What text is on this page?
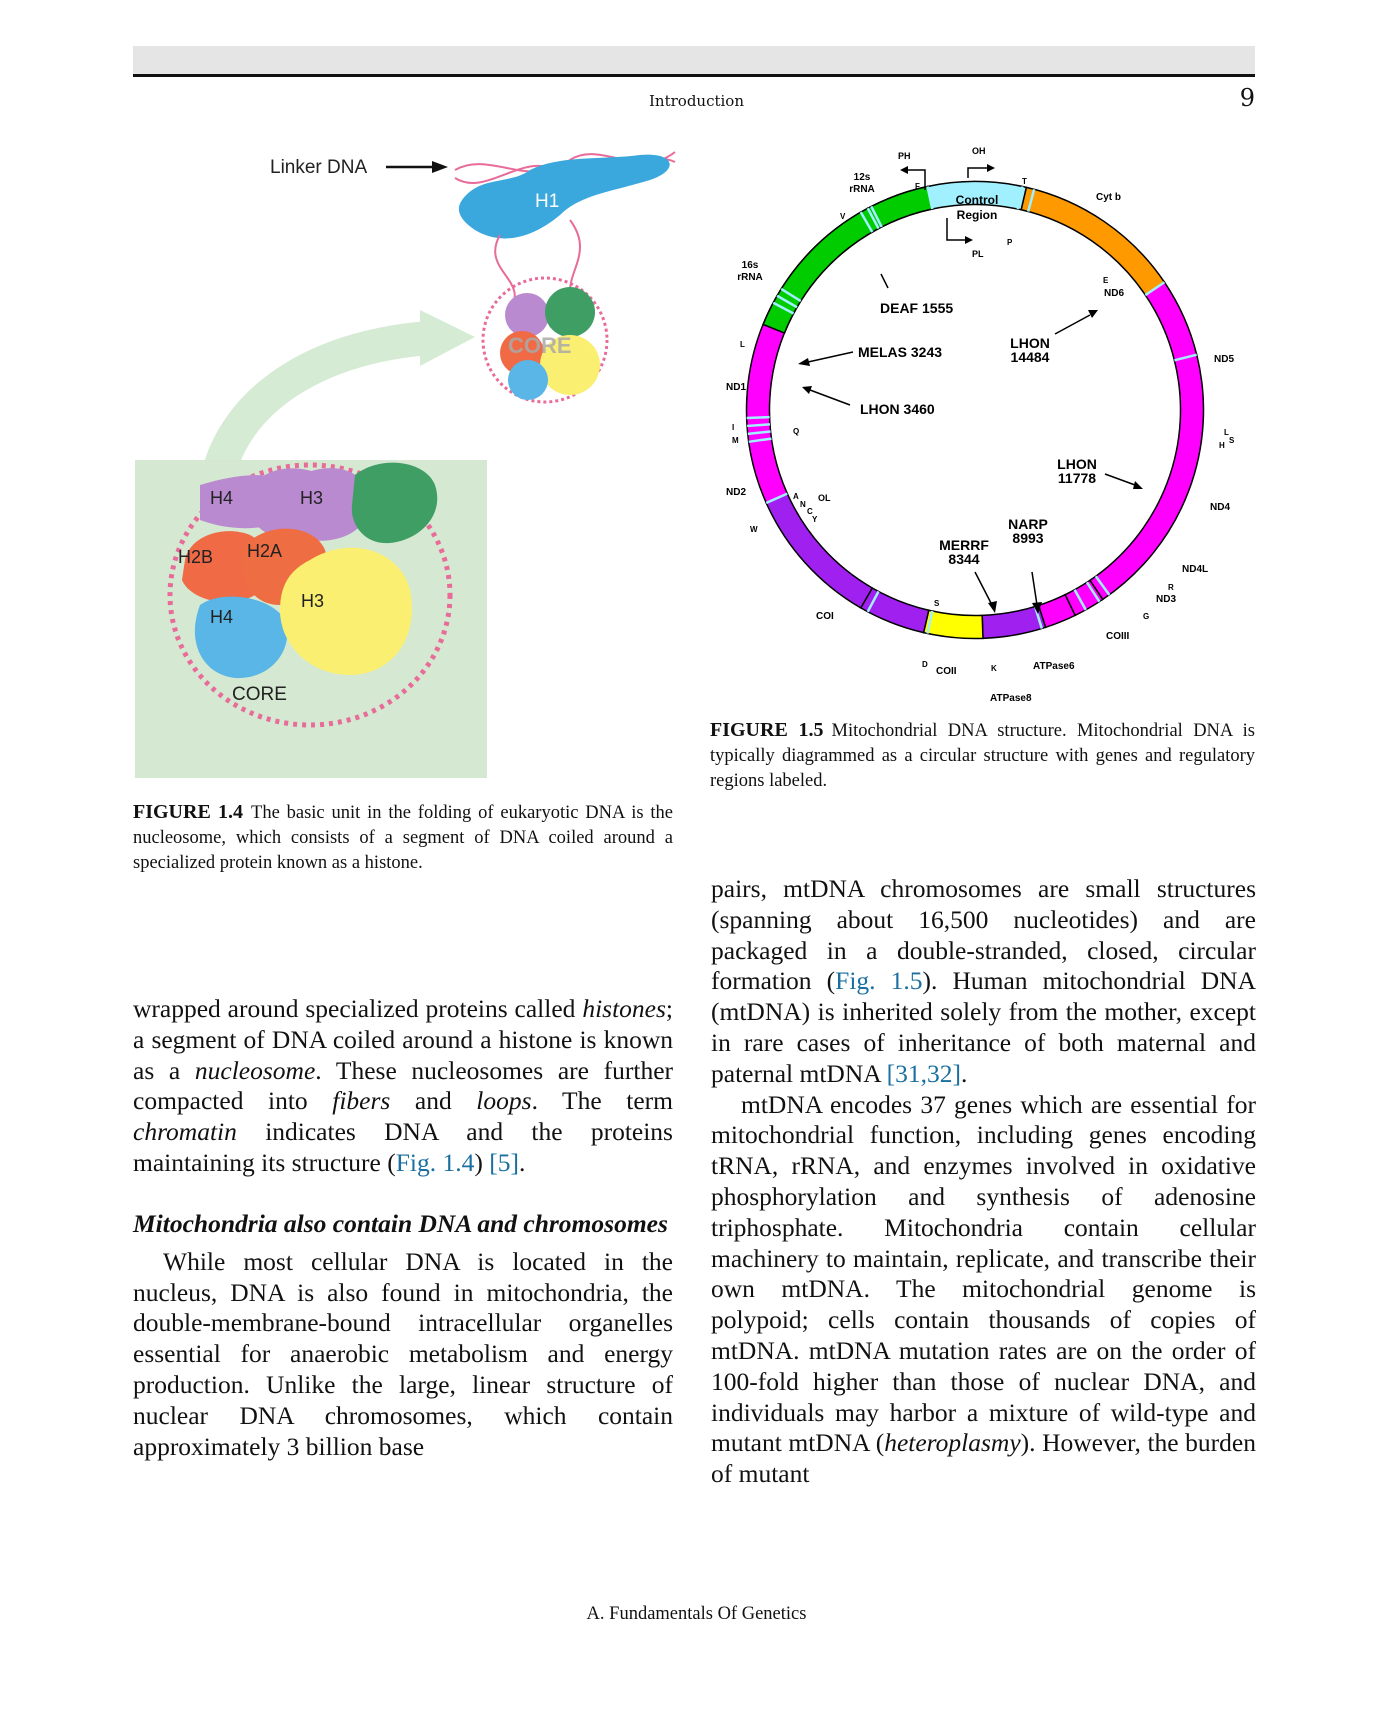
Introduction	9
Linker DNA
H1
CORE
H4	H3
H2B H2A
H4
H3
CORE
FIGURE 1.4 The basic unit in the folding of eukaryotic DNA is the nucleosome, which consists of a segment of DNA coiled around a specialized protein known as a histone.
Control
Region
PH	OH
PL
OL
12s
rRNA
16s
rRNA
ND1
ND2
COI
COII
ATPase8
ATPase6
COIII
ND3
ND4L
ND4
ND5
ND6
Cyt b
F
V
L
I
M
Q
W
A
N
C
Y
S
D	K
G
R
H
S
L
E
T
P
DEAF 1555
MELAS 3243
LHON 3460
LHON
14484
LHON
11778
MERRF
8344
NARP
8993
FIGURE 1.5 Mitochondrial DNA structure. Mitochondrial DNA is typically diagrammed as a circular structure with genes and regulatory regions labeled.

wrapped around specialized proteins called histones; a segment of DNA coiled around a histone is known as a nucleosome. These nucleosomes are further compacted into fibers and loops. The term chromatin indicates DNA and the proteins maintaining its structure (Fig. 1.4) [5].

Mitochondria also contain DNA and chromosomes

While most cellular DNA is located in the nucleus, DNA is also found in mitochondria, the double-membrane-bound intracellular organelles essential for anaerobic metabolism and energy production. Unlike the large, linear structure of nuclear DNA chromosomes, which contain approximately 3 billion base

pairs, mtDNA chromosomes are small structures (spanning about 16,500 nucleotides) and are packaged in a double-stranded, closed, circular formation (Fig. 1.5). Human mitochondrial DNA (mtDNA) is inherited solely from the mother, except in rare cases of inheritance of both maternal and paternal mtDNA [31,32].

mtDNA encodes 37 genes which are essential for mitochondrial function, including genes encoding tRNA, rRNA, and enzymes involved in oxidative phosphorylation and synthesis of adenosine triphosphate. Mitochondria contain cellular machinery to maintain, replicate, and transcribe their own mtDNA. The mitochondrial genome is polypoid; cells contain thousands of copies of mtDNA. mtDNA mutation rates are on the order of 100-fold higher than those of nuclear DNA, and individuals may harbor a mixture of wild-type and mutant mtDNA (heteroplasmy). However, the burden of mutant

A. Fundamentals Of Genetics
